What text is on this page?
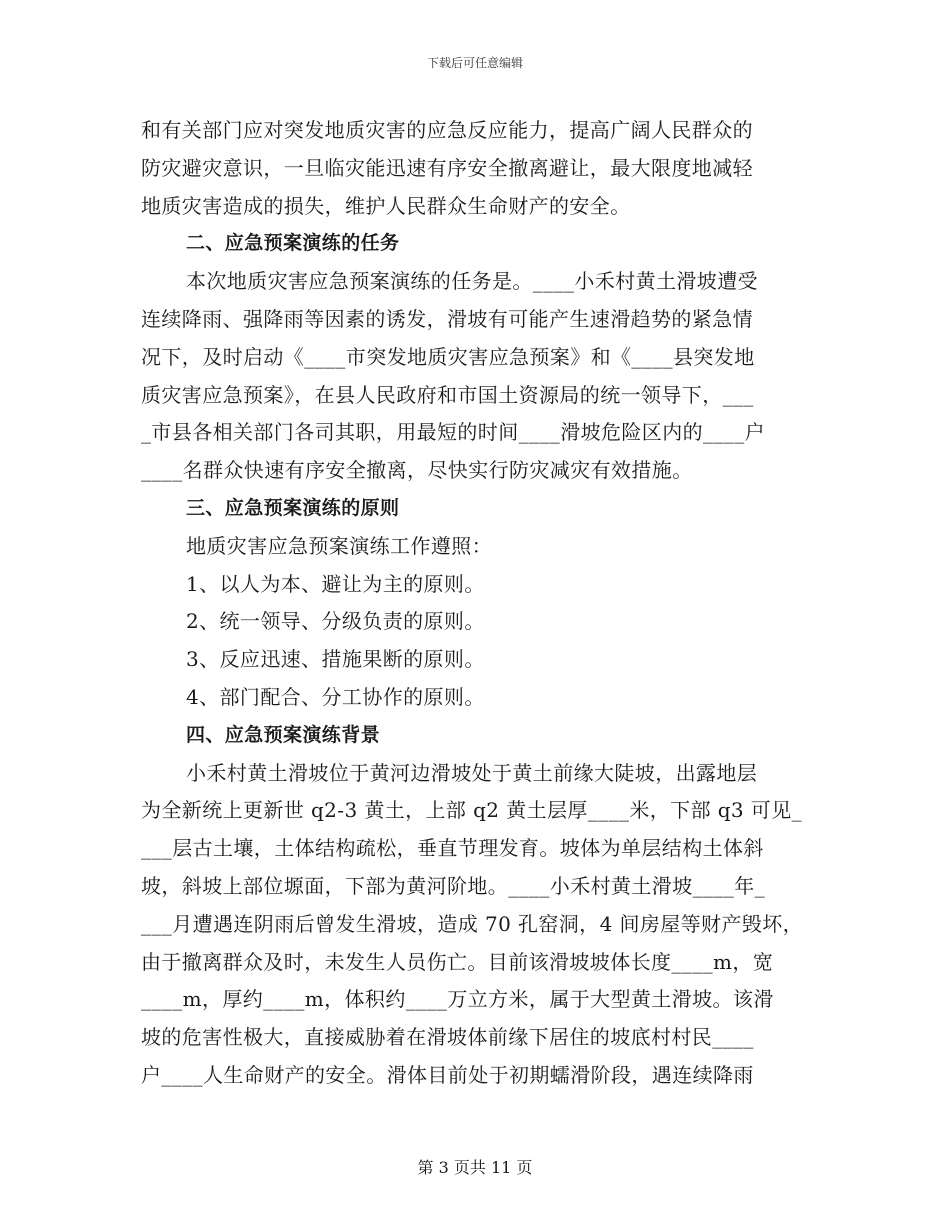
下载后可任意编辑
和有关部门应对突发地质灾害的应急反应能力，提高广阔人民群众的
防灾避灾意识，一旦临灾能迅速有序安全撤离避让，最大限度地减轻
地质灾害造成的损失，维护人民群众生命财产的安全。
二、应急预案演练的任务
本次地质灾害应急预案演练的任务是。____小禾村黄土滑坡遭受
连续降雨、强降雨等因素的诱发，滑坡有可能产生速滑趋势的紧急情
况下，及时启动《____市突发地质灾害应急预案》和《____县突发地
质灾害应急预案》，在县人民政府和市国土资源局的统一领导下，___
_市县各相关部门各司其职，用最短的时间____滑坡危险区内的____户
____名群众快速有序安全撤离，尽快实行防灾减灾有效措施。
三、应急预案演练的原则
地质灾害应急预案演练工作遵照：
1、以人为本、避让为主的原则。
2、统一领导、分级负责的原则。
3、反应迅速、措施果断的原则。
4、部门配合、分工协作的原则。
四、应急预案演练背景
小禾村黄土滑坡位于黄河边滑坡处于黄土前缘大陡坡，出露地层
为全新统上更新世 q2-3 黄土，上部 q2 黄土层厚____米，下部 q3 可见_
___层古土壤，土体结构疏松，垂直节理发育。坡体为单层结构土体斜
坡，斜坡上部位塬面，下部为黄河阶地。____小禾村黄土滑坡____年_
___月遭遇连阴雨后曾发生滑坡，造成 70 孔窑洞，4 间房屋等财产毁坏，
由于撤离群众及时，未发生人员伤亡。目前该滑坡坡体长度____m，宽
____m，厚约____m，体积约____万立方米，属于大型黄土滑坡。该滑
坡的危害性极大，直接威胁着在滑坡体前缘下居住的坡底村村民____
户____人生命财产的安全。滑体目前处于初期蠕滑阶段，遇连续降雨
第 3 页共 11 页
